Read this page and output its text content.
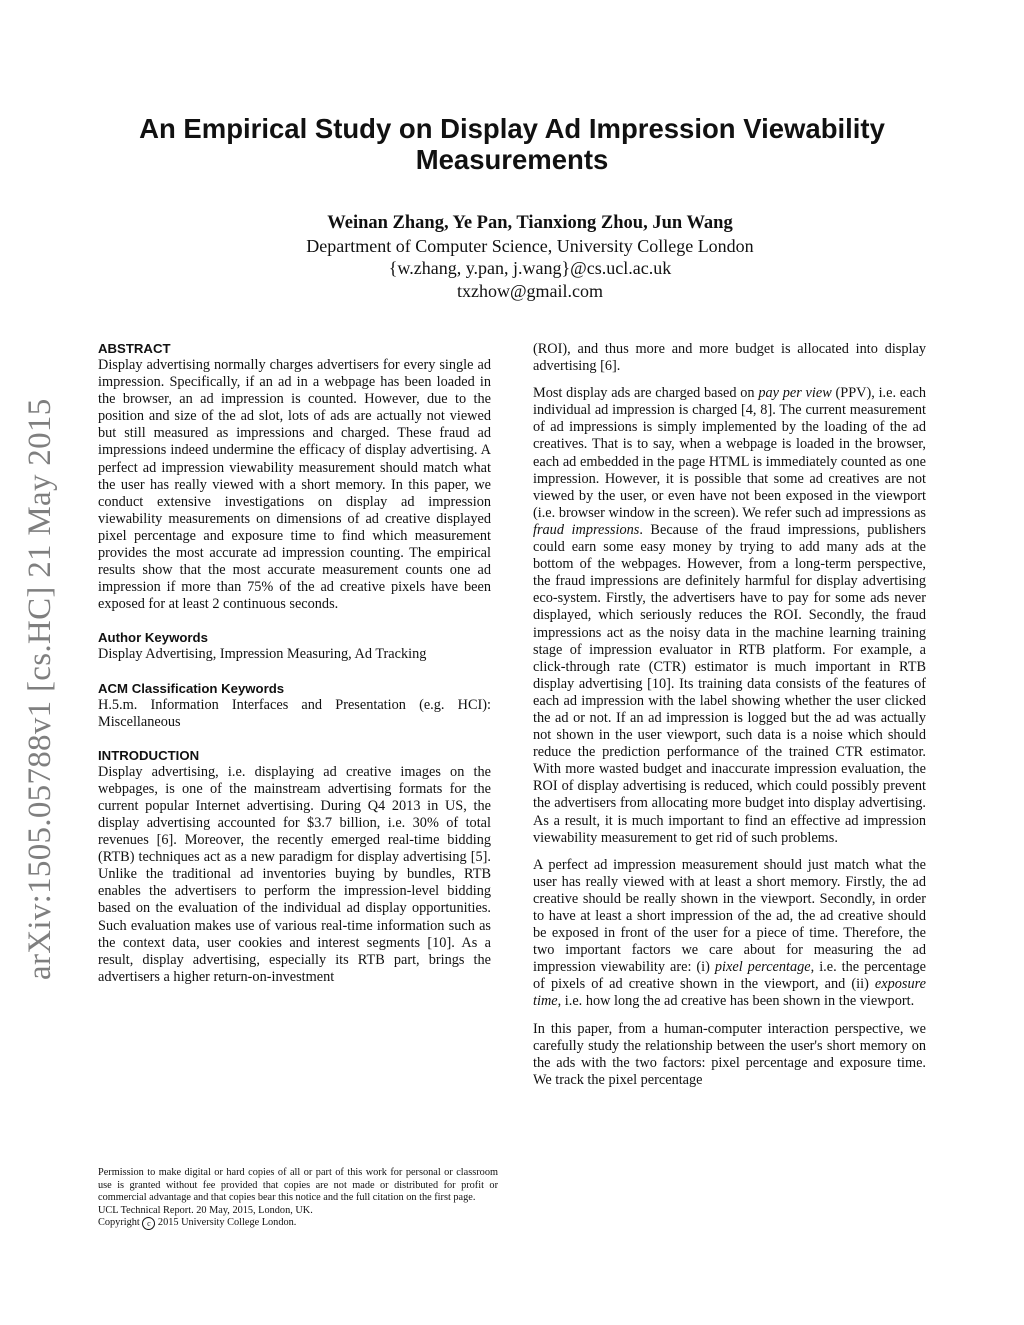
arXiv:1505.05788v1 [cs.HC] 21 May 2015
An Empirical Study on Display Ad Impression Viewability Measurements
Weinan Zhang, Ye Pan, Tianxiong Zhou, Jun Wang
Department of Computer Science, University College London
{w.zhang, y.pan, j.wang}@cs.ucl.ac.uk
txzhow@gmail.com
ABSTRACT

Display advertising normally charges advertisers for every single ad impression. Specifically, if an ad in a webpage has been loaded in the browser, an ad impression is counted. However, due to the position and size of the ad slot, lots of ads are actually not viewed but still measured as impressions and charged. These fraud ad impressions indeed undermine the efficacy of display advertising. A perfect ad impression viewability measurement should match what the user has really viewed with a short memory. In this paper, we conduct extensive investigations on display ad impression viewability measurements on dimensions of ad creative displayed pixel percentage and exposure time to find which measurement provides the most accurate ad impression counting. The empirical results show that the most accurate measurement counts one ad impression if more than 75% of the ad creative pixels have been exposed for at least 2 continuous seconds.

Author Keywords

Display Advertising, Impression Measuring, Ad Tracking

ACM Classification Keywords

H.5.m. Information Interfaces and Presentation (e.g. HCI): Miscellaneous

INTRODUCTION

Display advertising, i.e. displaying ad creative images on the webpages, is one of the mainstream advertising formats for the current popular Internet advertising. During Q4 2013 in US, the display advertising accounted for $3.7 billion, i.e. 30% of total revenues [6]. Moreover, the recently emerged real-time bidding (RTB) techniques act as a new paradigm for display advertising [5]. Unlike the traditional ad inventories buying by bundles, RTB enables the advertisers to perform the impression-level bidding based on the evaluation of the individual ad display opportunities. Such evaluation makes use of various real-time information such as the context data, user cookies and interest segments [10]. As a result, display advertising, especially its RTB part, brings the advertisers a higher return-on-investment

(ROI), and thus more and more budget is allocated into display advertising [6].

Most display ads are charged based on pay per view (PPV), i.e. each individual ad impression is charged [4, 8]. The current measurement of ad impressions is simply implemented by the loading of the ad creatives. That is to say, when a webpage is loaded in the browser, each ad embedded in the page HTML is immediately counted as one impression. However, it is possible that some ad creatives are not viewed by the user, or even have not been exposed in the viewport (i.e. browser window in the screen). We refer such ad impressions as fraud impressions. Because of the fraud impressions, publishers could earn some easy money by trying to add many ads at the bottom of the webpages. However, from a long-term perspective, the fraud impressions are definitely harmful for display advertising eco-system. Firstly, the advertisers have to pay for some ads never displayed, which seriously reduces the ROI. Secondly, the fraud impressions act as the noisy data in the machine learning training stage of impression evaluator in RTB platform. For example, a click-through rate (CTR) estimator is much important in RTB display advertising [10]. Its training data consists of the features of each ad impression with the label showing whether the user clicked the ad or not. If an ad impression is logged but the ad was actually not shown in the user viewport, such data is a noise which should reduce the prediction performance of the trained CTR estimator. With more wasted budget and inaccurate impression evaluation, the ROI of display advertising is reduced, which could possibly prevent the advertisers from allocating more budget into display advertising. As a result, it is much important to find an effective ad impression viewability measurement to get rid of such problems.

A perfect ad impression measurement should just match what the user has really viewed with at least a short memory. Firstly, the ad creative should be really shown in the viewport. Secondly, in order to have at least a short impression of the ad, the ad creative should be exposed in front of the user for a piece of time. Therefore, the two important factors we care about for measuring the ad impression viewability are: (i) pixel percentage, i.e. the percentage of pixels of ad creative shown in the viewport, and (ii) exposure time, i.e. how long the ad creative has been shown in the viewport.

In this paper, from a human-computer interaction perspective, we carefully study the relationship between the user's short memory on the ads with the two factors: pixel percentage and exposure time. We track the pixel percentage

Permission to make digital or hard copies of all or part of this work for personal or classroom use is granted without fee provided that copies are not made or distributed for profit or commercial advantage and that copies bear this notice and the full citation on the first page.

UCL Technical Report. 20 May, 2015, London, UK.

Copyright c 2015 University College London.
